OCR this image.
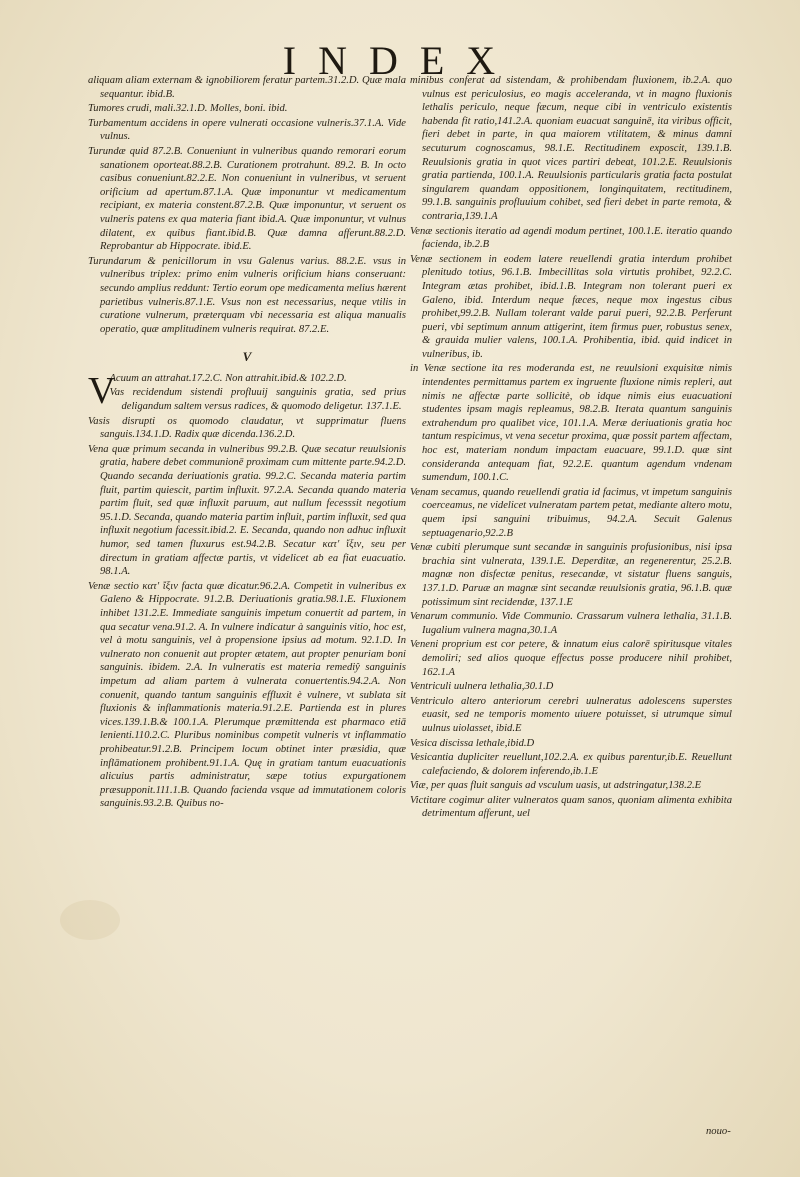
INDEX

aliquam aliam externam & ignobiliorem feratur partem.31.2.D. Quæ mala sequantur. ibid.B.

Tumores crudi, mali.32.1.D. Molles, boni. ibid.

Turbamentum accidens in opere vulnerati occasione vulneris.37.1.A. Vide vulnus.

Turundæ quid 87.2.B. Conueniunt in vulneribus quando remorari eorum sanationem oporteat.88.2.B. Curationem protrahunt. 89.2. B. In octo casibus conueniunt.82.2.E. Non conueniunt in vulneribus, vt seruent orificium ad apertum.87.1.A. Quæ imponuntur vt medicamentum recipiant, ex materia constent.87.2.B. Quæ imponuntur, vt seruent os vulneris patens ex qua materia fiant ibid.A. Quæ imponuntur, vt vulnus dilatent, ex quibus fiant.ibid.B. Quæ damna afferunt.88.2.D. Reprobantur ab Hippocrate. ibid.E.

Turundarum & penicillorum in vsu Galenus varius. 88.2.E. vsus in vulneribus triplex: primo enim vulneris orificium hians conseruant: secundo amplius reddunt: Tertio eorum ope medicamenta melius hærent parietibus vulneris.87.1.E. Vsus non est necessarius, neque vtilis in curatione vulnerum, præterquam vbi necessaria est aliqua manualis operatio, quæ amplitudinem vulneris requirat. 87.2.E.

V

V
Acuum an attrahat.17.2.C. Non attrahit.ibid.& 102.2.D.

Vas recidendum sistendi profluuij sanguinis gratia, sed prius deligandum saltem versus radices, & quomodo deligetur. 137.1.E.

Vasis disrupti os quomodo claudatur, vt supprimatur fluens sanguis.134.1.D. Radix quæ dicenda.136.2.D.

Vena quæ primum secanda in vulneribus 99.2.B. Quæ secatur reuulsionis gratia, habere debet communionē proximam cum mittente parte.94.2.D. Quando secanda deriuationis gratia. 99.2.C. Secanda materia partim fluit, partim quiescit, partim influxit. 97.2.A. Secanda quando materia partim fluit, sed quæ influxit paruum, aut nullum fecesssit negotium 95.1.D. Secanda, quando materia partim influit, partim influxit, sed qua influxit negotium facessit.ibid.2. E. Secanda, quando non adhuc influxit humor, sed tamen fluxurus est.94.2.B. Secatur κατ' ἴξιν, seu per directum in gratiam affectæ partis, vt videlicet ab ea fiat euacuatio. 98.1.A.

Venæ sectio κατ' ἴξιν facta quæ dicatur.96.2.A. Competit in vulneribus ex Galeno & Hippocrate. 91.2.B. Deriuationis gratia.98.1.E. Fluxionem inhibet 131.2.E. Immediate sanguinis impetum conuertit ad partem, in qua secatur vena.91.2. A. In vulnere indicatur à sanguinis vitio, hoc est, vel à motu sanguinis, vel à propensione ipsius ad motum. 92.1.D. In vulnerato non conuenit aut propter ætatem, aut propter penuriam boni sanguinis. ibidem. 2.A. In vulneratis est materia remediŷ sanguinis impetum ad aliam partem à vulnerata conuertentis.94.2.A. Non conuenit, quando tantum sanguinis effluxit è vulnere, vt sublata sit fluxionis & inflammationis materia.91.2.E. Partienda est in plures vices.139.1.B.& 100.1.A. Plerumque præmittenda est pharmaco etiā lenienti.110.2.C. Pluribus nominibus competit vulneris vt inflammatio prohibeatur.91.2.B. Principem locum obtinet inter præsidia, quæ inflāmationem prohibent.91.1.A. Quę in gratiam tantum euacuationis alicuius partis administratur, sæpe totius expurgationem præsupponit.111.1.B. Quando facienda vsque ad immutationem coloris sanguinis.93.2.B. Quibus no-

minibus conferat ad sistendam, & prohibendam fluxionem, ib.2.A. quo vulnus est periculosius, eo magis acceleranda, vt in magno fluxionis lethalis periculo, neque fæcum, neque cibi in ventriculo existentis habenda fit ratio,141.2.A. quoniam euacuat sanguinē, ita viribus officit, fieri debet in parte, in qua maiorem vtilitatem, & minus damni secuturum cognoscamus, 98.1.E. Rectitudinem exposcit, 139.1.B. Reuulsionis gratia in quot vices partiri debeat, 101.2.E. Reuulsionis gratia partienda, 100.1.A. Reuulsionis particularis gratia facta postulat singularem quandam oppositionem, longinquitatem, rectitudinem, 99.1.B. sanguinis profluuium cohibet, sed fieri debet in parte remota, & contraria,139.1.A

Venæ sectionis iteratio ad agendi modum pertinet, 100.1.E. iteratio quando facienda, ib.2.B

Venæ sectionem in eodem latere reuellendi gratia interdum prohibet plenitudo totius, 96.1.B. Imbecillitas sola virtutis prohibet, 92.2.C. Integram ætas prohibet, ibid.1.B. Integram non tolerant pueri ex Galeno, ibid. Interdum neque fæces, neque mox ingestus cibus prohibet,99.2.B. Nullam tolerant valde parui pueri, 92.2.B. Perferunt pueri, vbi septimum annum attigerint, item firmus puer, robustus senex, & grauida mulier valens, 100.1.A. Prohibentia, ibid. quid indicet in vulneribus, ib.

in Venæ sectione ita res moderanda est, ne reuulsioni exquisitæ nimis intendentes permittamus partem ex ingruente fluxione nimis repleri, aut nimis ne affectæ parte sollicitè, ob idque nimis eius euacuationi studentes ipsam magis repleamus, 98.2.B. Iterata quantum sanguinis extrahendum pro qualibet vice, 101.1.A. Meræ deriuationis gratia hoc tantum respicimus, vt vena secetur proxima, quæ possit partem affectam, hoc est, materiam nondum impactam euacuare, 99.1.D. quæ sint consideranda antequam fiat, 92.2.E. quantum agendum vndenam sumendum, 100.1.C.

Venam secamus, quando reuellendi gratia id facimus, vt impetum sanguinis coerceamus, ne videlicet vulneratam partem petat, mediante altero motu, quem ipsi sanguini tribuimus, 94.2.A. Secuit Galenus septuagenario,92.2.B

Venæ cubiti plerumque sunt secandæ in sanguinis profusionibus, nisi ipsa brachia sint vulnerata, 139.1.E. Deperditæ, an regenerentur, 25.2.B. magnæ non disfectæ penitus, resecandæ, vt sistatur fluens sanguis, 137.1.D. Paruæ an magnæ sint secandæ reuulsionis gratia, 96.1.B. quæ potissimum sint recidendæ, 137.1.E

Venarum communio. Vide Communio. Crassarum vulnera lethalia, 31.1.B. Iugalium vulnera magna,30.1.A

Veneni proprium est cor petere, & innatum eius calorē spiritusque vitales demoliri; sed alios quoque effectus posse producere nihil prohibet, 162.1.A

Ventriculi uulnera lethalia,30.1.D

Ventriculo altero anteriorum cerebri uulneratus adolescens superstes euasit, sed ne temporis momento uiuere potuisset, si utrumque simul uulnus uiolasset, ibid.E

Vesica discissa lethale,ibid.D

Vesicantia dupliciter reuellunt,102.2.A. ex quibus parentur,ib.E. Reuellunt calefaciendo, & dolorem inferendo,ib.1.E

Viæ, per quas fluit sanguis ad vsculum uasis, ut adstringatur,138.2.E

Victitare cogimur aliter vulneratos quam sanos, quoniam alimenta exhibita detrimentum afferunt, uel

nouo-
